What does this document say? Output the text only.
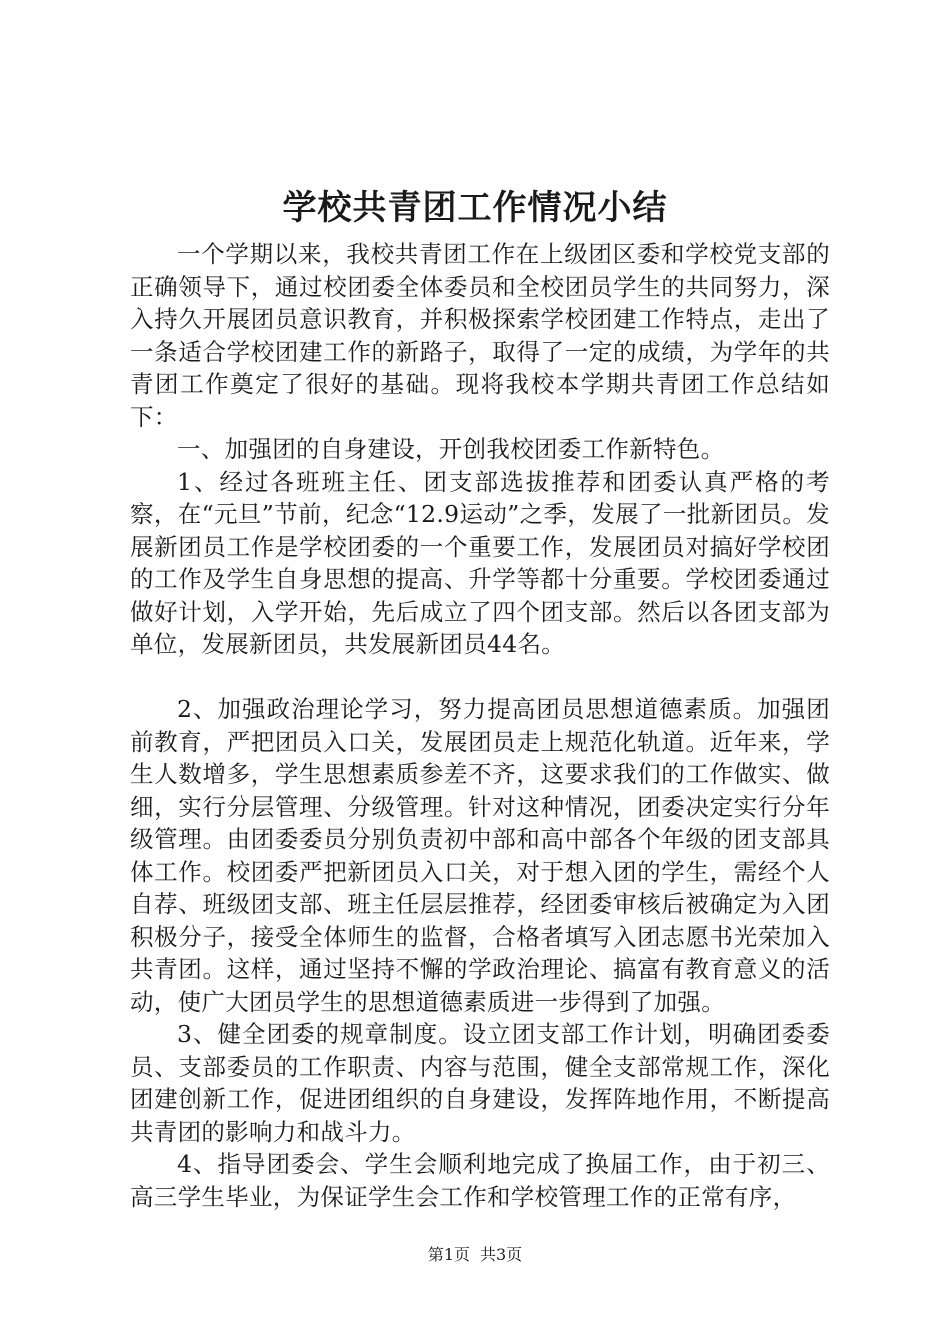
学校共青团工作情况小结

一个学期以来，我校共青团工作在上级团区委和学校党支部的正确领导下，通过校团委全体委员和全校团员学生的共同努力，深入持久开展团员意识教育，并积极探索学校团建工作特点，走出了一条适合学校团建工作的新路子，取得了一定的成绩，为学年的共青团工作奠定了很好的基础。现将我校本学期共青团工作总结如下：

一、加强团的自身建设，开创我校团委工作新特色。

1、经过各班班主任、团支部选拔推荐和团委认真严格的考察，在“元旦”节前，纪念“12.9运动”之季，发展了一批新团员。发展新团员工作是学校团委的一个重要工作，发展团员对搞好学校团的工作及学生自身思想的提高、升学等都十分重要。学校团委通过做好计划，入学开始，先后成立了四个团支部。然后以各团支部为单位，发展新团员，共发展新团员44名。

2、加强政治理论学习，努力提高团员思想道德素质。加强团前教育，严把团员入口关，发展团员走上规范化轨道。近年来，学生人数增多，学生思想素质参差不齐，这要求我们的工作做实、做细，实行分层管理、分级管理。针对这种情况，团委决定实行分年级管理。由团委委员分别负责初中部和高中部各个年级的团支部具体工作。校团委严把新团员入口关，对于想入团的学生，需经个人自荐、班级团支部、班主任层层推荐，经团委审核后被确定为入团积极分子，接受全体师生的监督，合格者填写入团志愿书光荣加入共青团。这样，通过坚持不懈的学政治理论、搞富有教育意义的活动，使广大团员学生的思想道德素质进一步得到了加强。

3、健全团委的规章制度。设立团支部工作计划，明确团委委员、支部委员的工作职责、内容与范围，健全支部常规工作，深化团建创新工作，促进团组织的自身建设，发挥阵地作用，不断提高共青团的影响力和战斗力。

4、指导团委会、学生会顺利地完成了换届工作，由于初三、高三学生毕业，为保证学生会工作和学校管理工作的正常有序，

第1页 共3页
